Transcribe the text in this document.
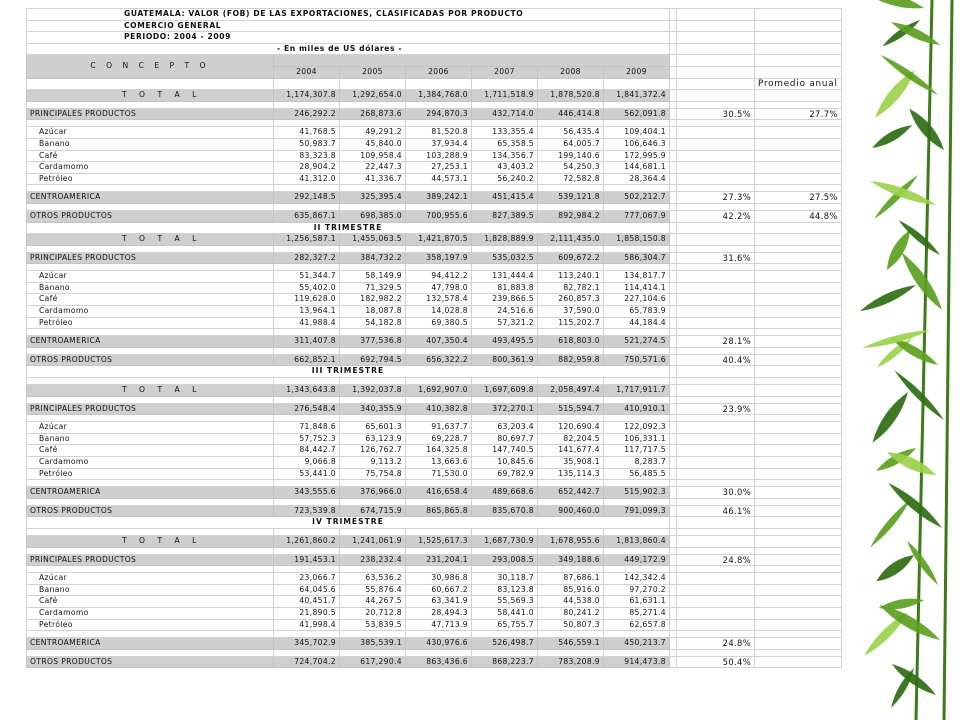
GUATEMALA: VALOR (FOB) DE LAS EXPORTACIONES, CLASIFICADAS POR PRODUCTO									
COMERCIO GENERAL									
PERIODO: 2004 - 2009									
- En miles de US dólares -									
C O N C E P T O									
	2004	2005	2006	2007	2008	2009			
									Promedio anual
T O T A L	1,174,307.8	1,292,654.0	1,384,768.0	1,711,518.9	1,878,520.8	1,841,372.4			

PRINCIPALES PRODUCTOS	246,292.2	268,873.6	294,870.3	432,714.0	446,414.8	562,091.8		30.5%	27.7%

Azúcar	41,768.5	49,291.2	81,520.8	133,355.4	56,435.4	109,404.1			
Banano	50,983.7	45,840.0	37,934.4	65,358.5	64,005.7	106,646.3			
Café	83,323.8	109,958.4	103,288.9	134,356.7	199,140.6	172,995.9			
Cardamomo	28,904.2	22,447.3	27,253.1	43,403.2	54,250.3	144,681.1			
Petróleo	41,312.0	41,336.7	44,573.1	56,240.2	72,582.8	28,364.4			

CENTROAMERICA	292,148.5	325,395.4	389,242.1	451,415.4	539,121.8	502,212.7		27.3%	27.5%

OTROS PRODUCTOS	635,867.1	698,385.0	700,955.6	827,389.5	892,984.2	777,067.9		42.2%	44.8%
II TRIMESTRE									
T O T A L	1,256,587.1	1,455,063.5	1,421,870.5	1,828,889.9	2,111,435.0	1,858,150.8			

PRINCIPALES PRODUCTOS	282,327.2	384,732.2	358,197.9	535,032.5	609,672.2	586,304.7		31.6%	

Azúcar	51,344.7	58,149.9	94,412.2	131,444.4	113,240.1	134,817.7			
Banano	55,402.0	71,329.5	47,798.0	81,883.8	82,782.1	114,414.1			
Café	119,628.0	182,982.2	132,578.4	239,866.5	260,857.3	227,104.6			
Cardamomo	13,964.1	18,087.8	14,028.8	24,516.6	37,590.0	65,783.9			
Petróleo	41,988.4	54,182.8	69,380.5	57,321.2	115,202.7	44,184.4			

CENTROAMERICA	311,407.8	377,536.8	407,350.4	493,495.5	618,803.0	521,274.5		28.1%	

OTROS PRODUCTOS	662,852.1	692,794.5	656,322.2	800,361.9	882,959.8	750,571.6		40.4%	
III TRIMESTRE									

T O T A L	1,343,643.8	1,392,037.8	1,692,907.0	1,697,609.8	2,058,497.4	1,717,911.7			

PRINCIPALES PRODUCTOS	276,548.4	340,355.9	410,382.8	372,270.1	515,594.7	410,910.1		23.9%	

Azúcar	71,848.6	65,601.3	91,637.7	63,203.4	120,690.4	122,092.3			
Banano	57,752.3	63,123.9	69,228.7	80,697.7	82,204.5	106,331.1			
Café	84,442.7	126,762.7	164,325.8	147,740.5	141,677.4	117,717.5			
Cardamomo	9,066.8	9,113.2	13,663.6	10,845.6	35,908.1	8,283.7			
Petróleo	53,441.0	75,754.8	71,530.0	69,782.9	135,114.3	56,485.5			

CENTROAMERICA	343,555.6	376,966.0	416,658.4	489,668.6	652,442.7	515,902.3		30.0%	

OTROS PRODUCTOS	723,539.8	674,715.9	865,865.8	835,670.8	900,460.0	791,099.3		46.1%	
IV TRIMESTRE									

T O T A L	1,261,860.2	1,241,061.9	1,525,617.3	1,687,730.9	1,678,955.6	1,813,860.4			

PRINCIPALES PRODUCTOS	191,453.1	238,232.4	231,204.1	293,008.5	349,188.6	449,172.9		24.8%	

Azúcar	23,066.7	63,536.2	30,986.8	30,118.7	87,686.1	142,342.4			
Banano	64,045.6	55,876.4	60,667.2	83,123.8	85,916.0	97,270.2			
Café	40,451.7	44,267.5	63,341.9	55,569.3	44,538.0	61,631.1			
Cardamomo	21,890.5	20,712.8	28,494.3	58,441.0	80,241.2	85,271.4			
Petróleo	41,998.4	53,839.5	47,713.9	65,755.7	50,807.3	62,657.8			

CENTROAMERICA	345,702.9	385,539.1	430,976.6	526,498.7	546,559.1	450,213.7		24.8%	

OTROS PRODUCTOS	724,704.2	617,290.4	863,436.6	868,223.7	783,208.9	914,473.8		50.4%	
